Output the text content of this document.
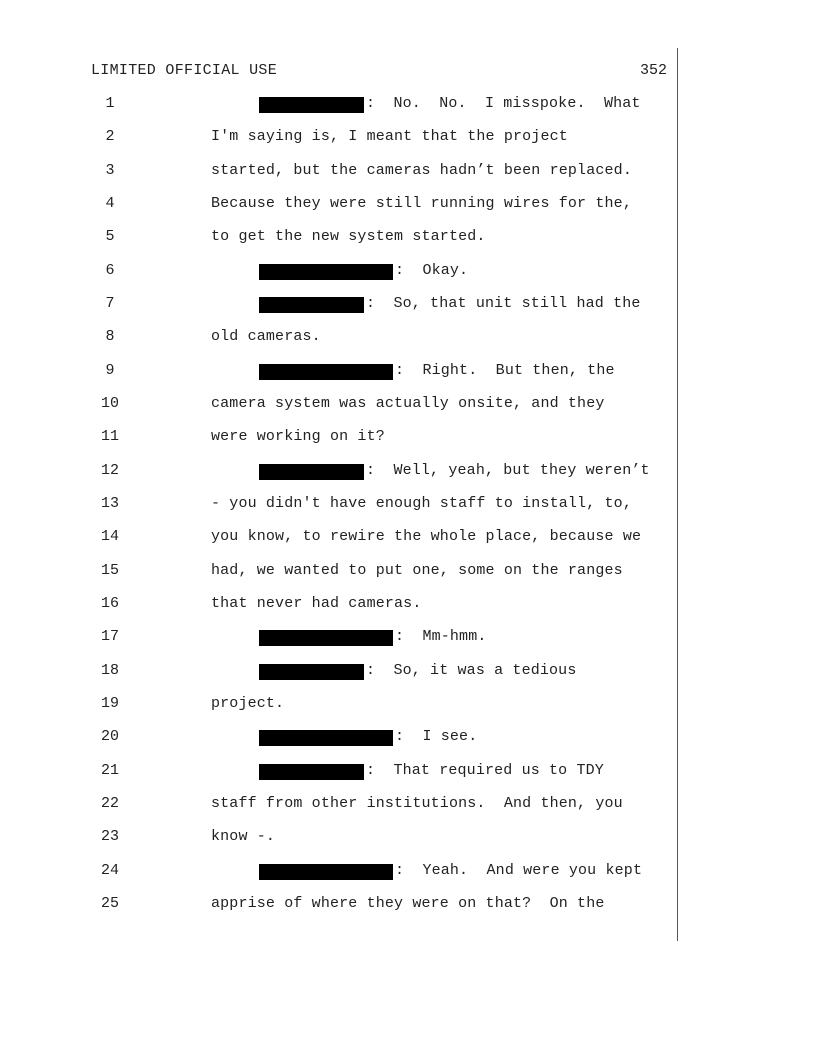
LIMITED OFFICIAL USE	352
1	:  No.  No.  I misspoke.  What
2	I'm saying is, I meant that the project
3	started, but the cameras hadn’t been replaced.
4	Because they were still running wires for the,
5	to get the new system started.
6	:  Okay.
7	:  So, that unit still had the
8	old cameras.
9	:  Right.  But then, the
10	camera system was actually onsite, and they
11	were working on it?
12	:  Well, yeah, but they weren’t
13	- you didn't have enough staff to install, to,
14	you know, to rewire the whole place, because we
15	had, we wanted to put one, some on the ranges
16	that never had cameras.
17	:  Mm-hmm.
18	:  So, it was a tedious
19	project.
20	:  I see.
21	:  That required us to TDY
22	staff from other institutions.  And then, you
23	know -.
24	:  Yeah.  And were you kept
25	apprise of where they were on that?  On the
